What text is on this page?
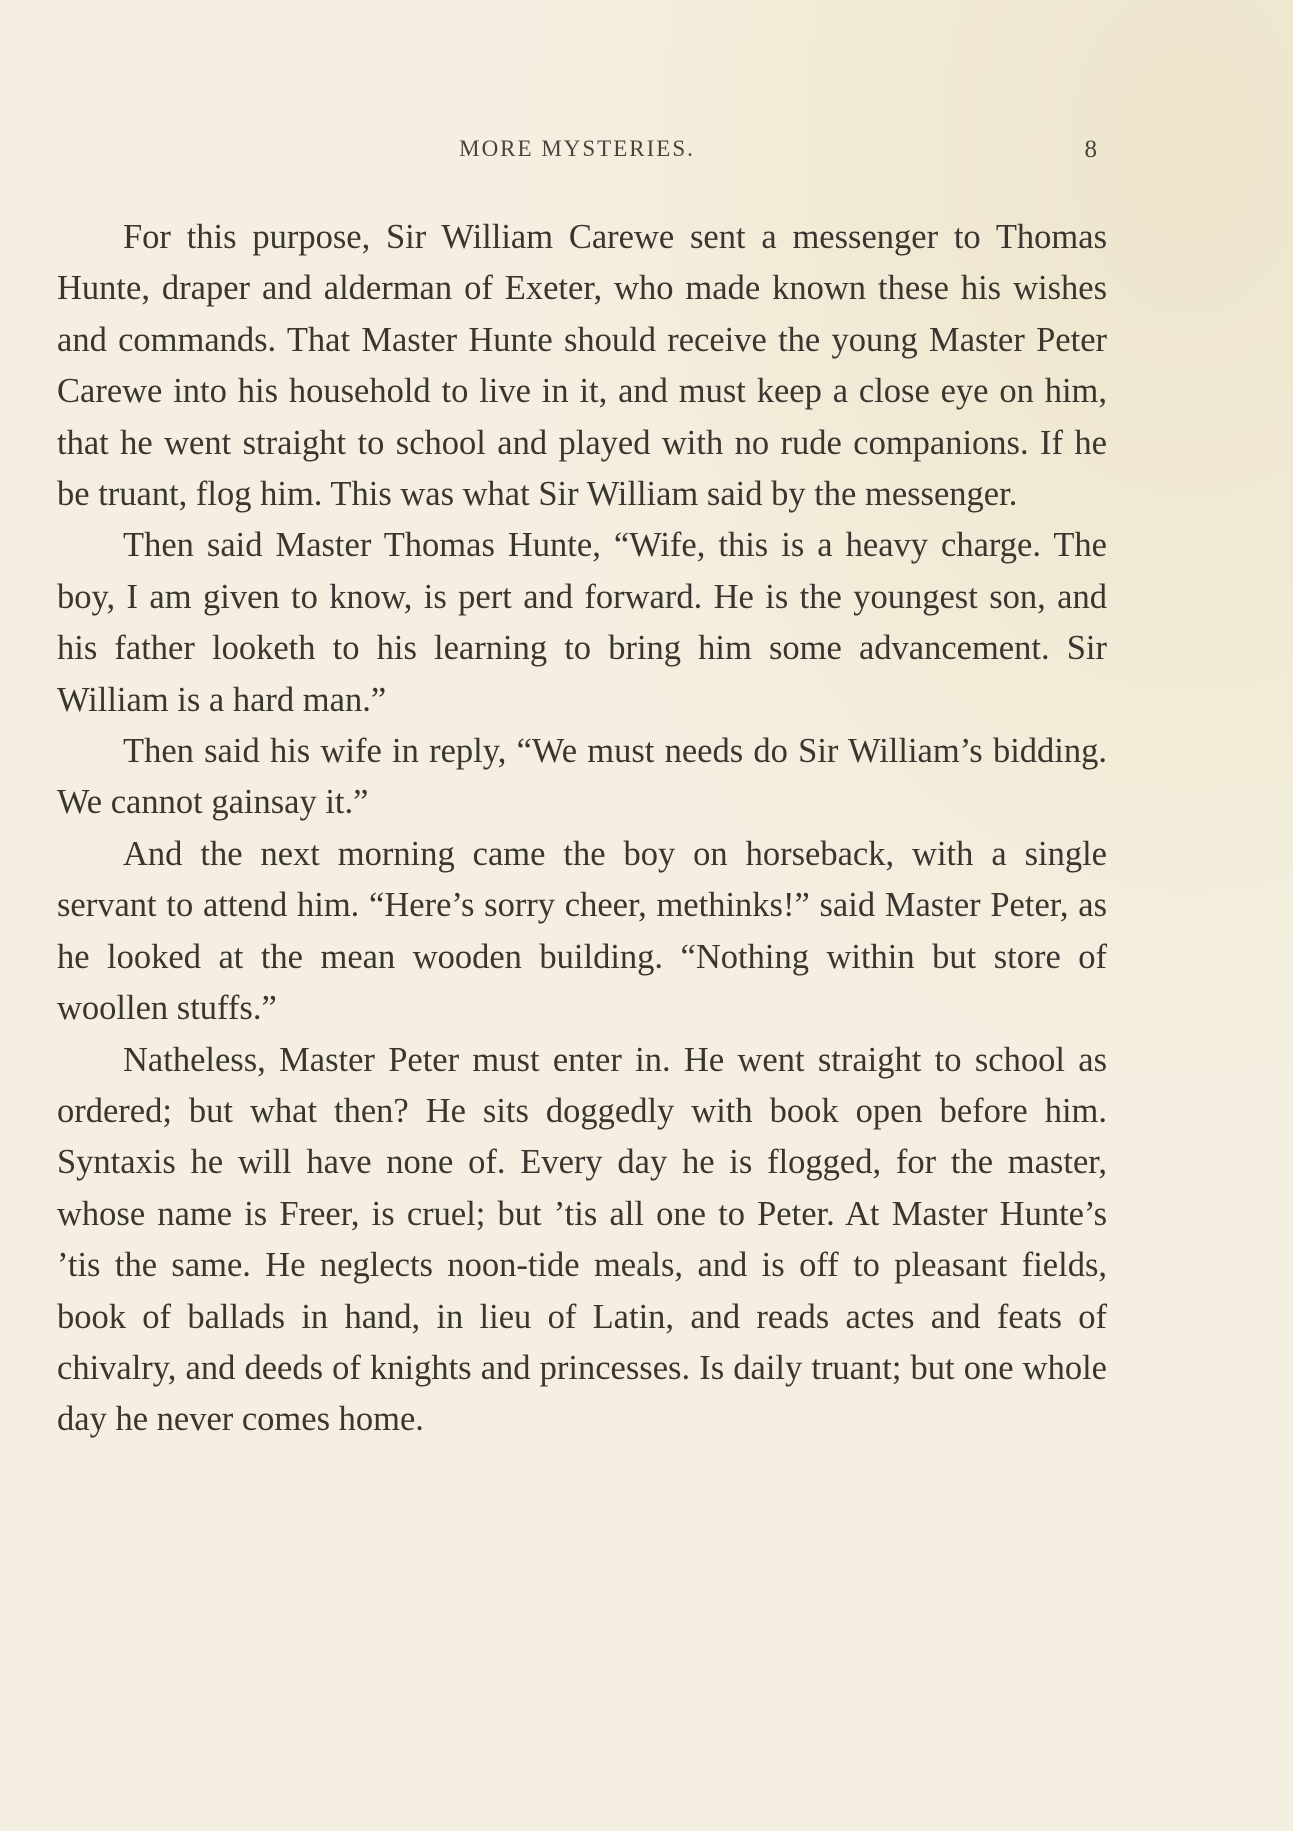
MORE MYSTERIES.	8

For this purpose, Sir William Carewe sent a messenger to Thomas Hunte, draper and alderman of Exeter, who made known these his wishes and commands. That Master Hunte should receive the young Master Peter Carewe into his household to live in it, and must keep a close eye on him, that he went straight to school and played with no rude companions. If he be truant, flog him. This was what Sir William said by the messenger.

Then said Master Thomas Hunte, “Wife, this is a heavy charge. The boy, I am given to know, is pert and forward. He is the youngest son, and his father looketh to his learning to bring him some advancement. Sir William is a hard man.”

Then said his wife in reply, “We must needs do Sir William’s bidding. We cannot gainsay it.”

And the next morning came the boy on horseback, with a single servant to attend him. “Here’s sorry cheer, methinks!” said Master Peter, as he looked at the mean wooden building. “Nothing within but store of woollen stuffs.”

Natheless, Master Peter must enter in. He went straight to school as ordered; but what then? He sits doggedly with book open before him. Syntaxis he will have none of. Every day he is flogged, for the master, whose name is Freer, is cruel; but ’tis all one to Peter. At Master Hunte’s ’tis the same. He neglects noon-tide meals, and is off to pleasant fields, book of ballads in hand, in lieu of Latin, and reads actes and feats of chivalry, and deeds of knights and princesses. Is daily truant; but one whole day he never comes home.
